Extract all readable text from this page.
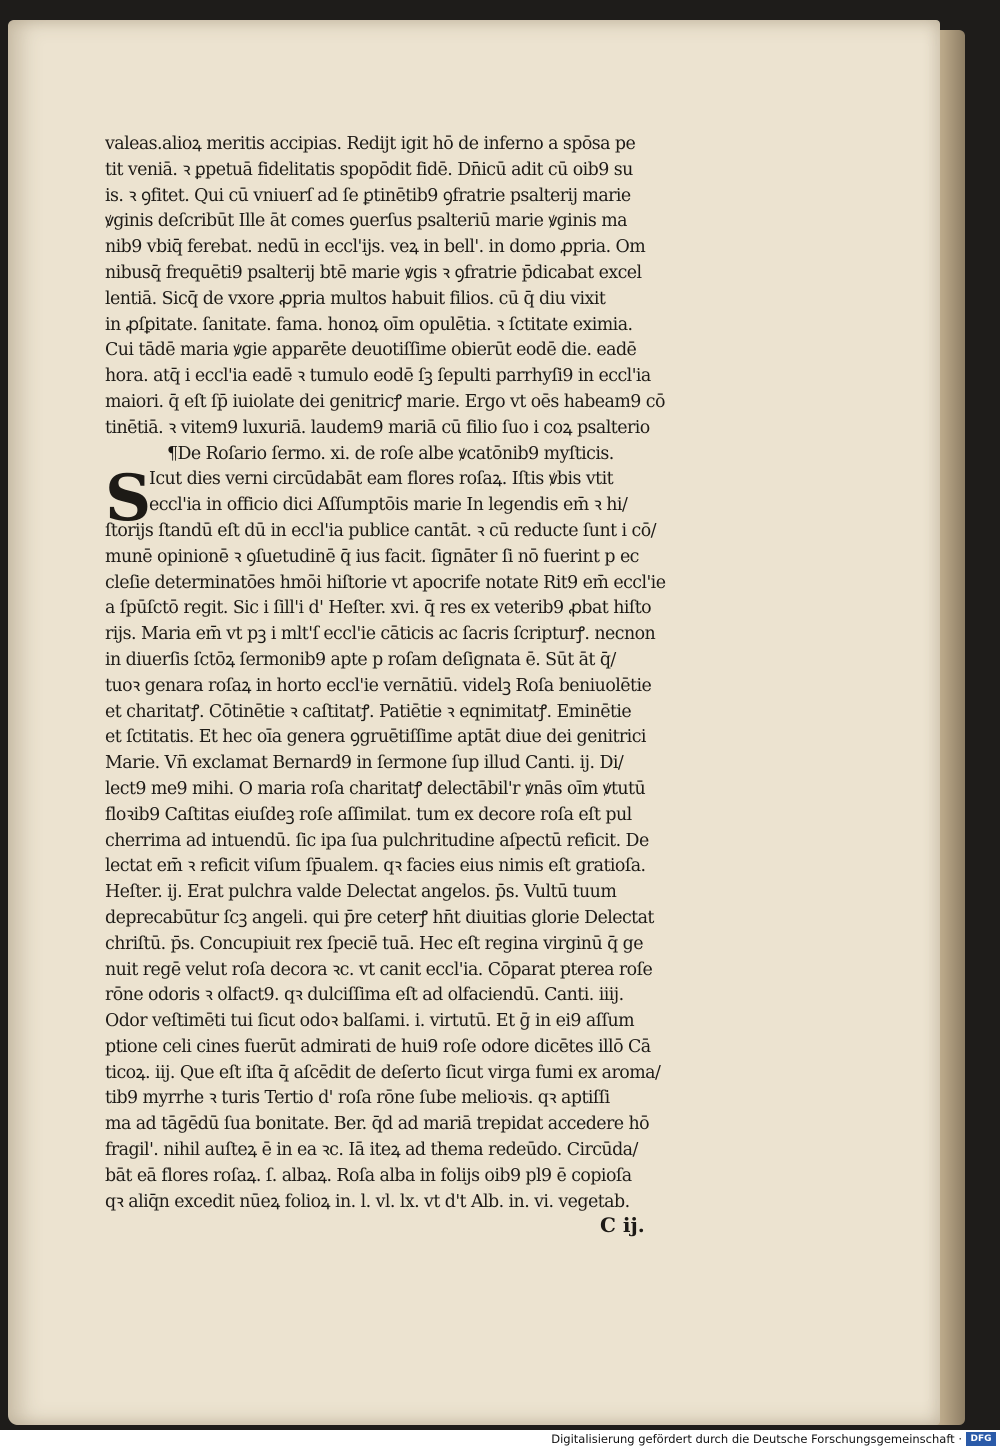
valeas.alioꝝ meritis accipias. Redijt igit hō de inferno a spōsa pe
tit veniā. ꝛ ꝑpetuā fidelitatis spopōdit fidē. Dn̄icū adit cū oib9 su
is. ꝛ ꝯfitet. Qui cū vniuerſ ad ſe ꝑtinētib9 ꝯfratrie psalterij marie
ꝟginis deſcribūt Ille āt comes ꝯuerſus psalteriū marie ꝟginis ma
nib9 vbiq̄ ferebat. nedū in eccl'ijs. veꝝ in bell'. in domo ꝓpria. Om
nibusq̄ frequēti9 psalterij btē marie ꝟgis ꝛ ꝯfratrie p̄dicabat excel
lentiā. Sicq̄ de vxore ꝓpria multos habuit filios. cū q̄ diu vixit
in ꝓſꝑitate. ſanitate. fama. honoꝝ oīm opulētia. ꝛ ſctitate eximia.
Cui tādē maria ꝟgie apparēte deuotiſſime obierūt eodē die. eadē
hora. atq̄ i eccl'ia eadē ꝛ tumulo eodē ſꝫ ſepulti parrhyſi9 in eccl'ia
maiori. q̄ eſt ſp̄ iuiolate dei genitricꝭ marie. Ergo vt oēs habeam9 cō
tinētiā. ꝛ vitem9 luxuriā. laudem9 mariā cū filio ſuo i coꝝ psalterio
¶De Roſario ſermo. xi. de roſe albe ꝟcatōnib9 myſticis.
S
Icut dies verni circūdabāt eam flores roſaꝝ. Iſtis ꝟbis vtit
eccl'ia in officio dici Aſſumptōis marie In legendis em̄ ꝛ hi/
ſtorijs ſtandū eſt dū in eccl'ia publice cantāt. ꝛ cū reducte ſunt i cō/
munē opinionē ꝛ ꝯſuetudinē q̄ ius facit. ſignāter ſi nō fuerint p ec
cleſie determinatōes hmōi hiſtorie vt apocrife notate Rit9 em̄ eccl'ie
a ſpūſctō regit. Sic i ſill'i d' Heſter. xvi. q̄ res ex veterib9 ꝓbat hiſto
rijs. Maria em̄ vt pꝫ i mlt'ſ eccl'ie cāticis ac ſacris ſcripturꝭ. necnon
in diuerſis ſctōꝝ ſermonib9 apte p roſam deſignata ē. Sūt āt q̄/
tuoꝛ genara roſaꝝ in horto eccl'ie vernātiū. videlꝫ Roſa beniuolētie
et charitatꝭ. Cōtinētie ꝛ caſtitatꝭ. Patiētie ꝛ eqnimitatꝭ. Eminētie
et ſctitatis. Et hec oīa genera ꝯgruētiſſime aptāt diue dei genitrici
Marie. Vn̄ exclamat Bernard9 in ſermone ſup illud Canti. ij. Di/
lect9 me9 mihi. O maria roſa charitatꝭ delectābil'r ꝟnās oīm ꝟtutū
floꝛib9 Caſtitas eiuſdeꝫ roſe aſſimilat. tum ex decore roſa eſt pul
cherrima ad intuendū. ſic ipa ſua pulchritudine aſpectū reficit. De
lectat em̄ ꝛ reficit viſum ſp̄ualem. qꝛ facies eius nimis eſt gratioſa.
Heſter. ij. Erat pulchra valde Delectat angelos. p̄s. Vultū tuum
deprecabūtur ſcꝫ angeli. qui p̄re ceterꝭ hn̄t diuitias glorie Delectat
chriſtū. p̄s. Concupiuit rex ſpeciē tuā. Hec eſt regina virginū q̄ ge
nuit regē velut roſa decora ꝛc. vt canit eccl'ia. Cōparat pterea roſe
rōne odoris ꝛ olfact9. qꝛ dulciſſima eſt ad olfaciendū. Canti. iiij.
Odor veſtimēti tui ſicut odoꝛ balſami. i. virtutū. Et ḡ in ei9 aſſum
ptione celi cines fuerūt admirati de hui9 roſe odore dicētes illō Cā
ticoꝝ. iij. Que eſt iſta q̄ aſcēdit de deſerto ſicut virga fumi ex aroma/
tib9 myrrhe ꝛ turis Tertio d' roſa rōne ſube melioꝛis. qꝛ aptiſſi
ma ad tāgēdū ſua bonitate. Ber. q̄d ad mariā trepidat accedere hō
fragil'. nihil auſteꝝ ē in ea ꝛc. Iā iteꝝ ad thema redeūdo. Circūda/
bāt eā flores roſaꝝ. ſ. albaꝝ. Roſa alba in folijs oib9 pl9 ē copioſa
qꝛ aliq̄n excedit nūeꝝ folioꝝ in. l. vl. lx. vt d't Alb. in. vi. vegetab.
C ij.
Digitalisierung gefördert durch die Deutsche Forschungsgemeinschaft · DFG
